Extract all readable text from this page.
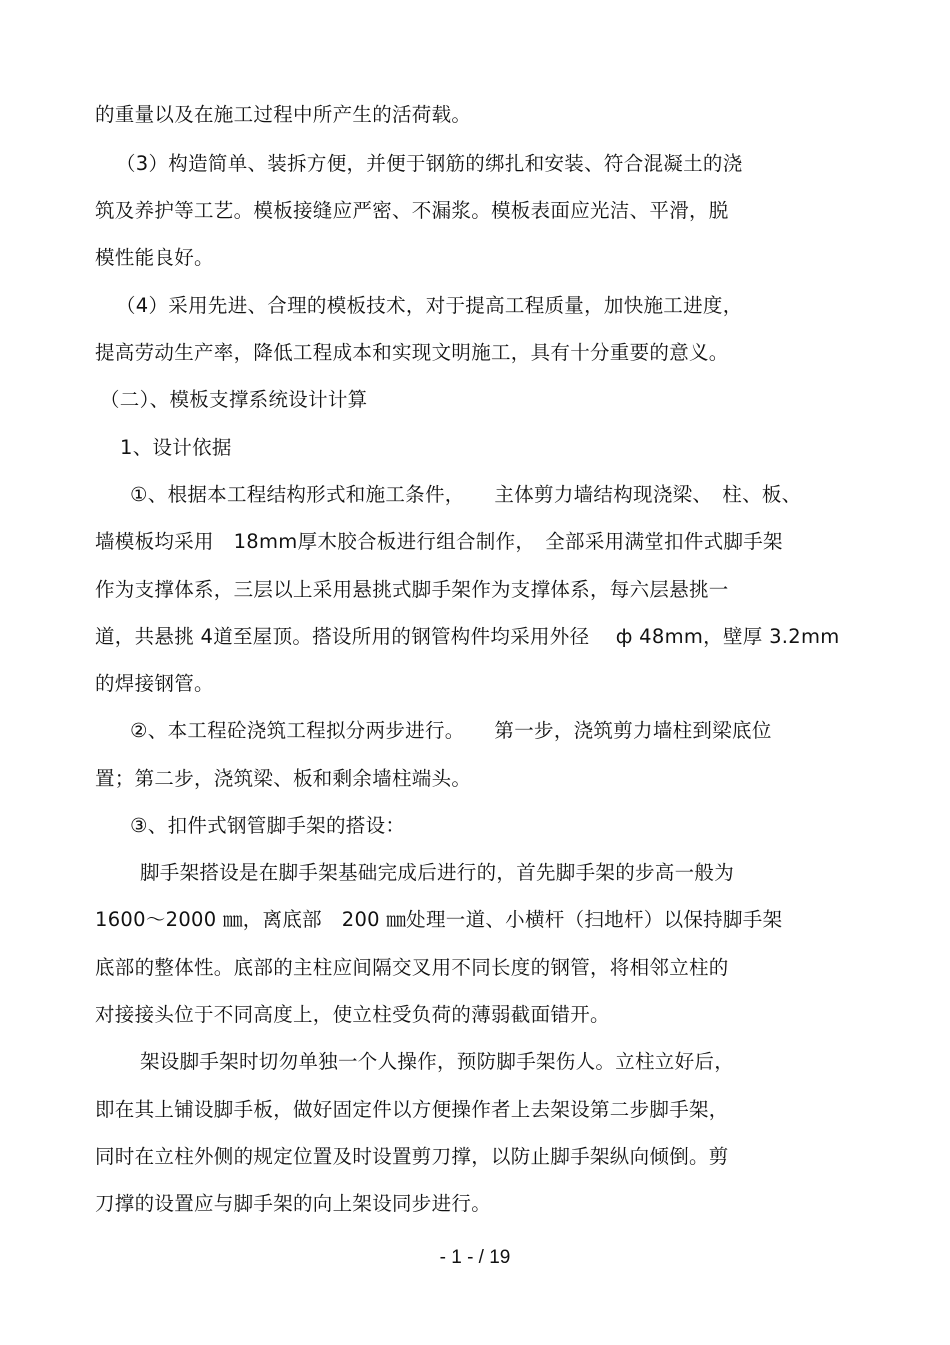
的重量以及在施工过程中所产生的活荷载。
（3）构造简单、装拆方便，并便于钢筋的绑扎和安装、符合混凝土的浇
筑及养护等工艺。模板接缝应严密、不漏浆。模板表面应光洁、平滑，脱
模性能良好。
（4）采用先进、合理的模板技术，对于提高工程质量，加快施工进度，
提高劳动生产率，降低工程成本和实现文明施工，具有十分重要的意义。
（二）、模板支撑系统设计计算
1、设计依据
①、根据本工程结构形式和施工条件，　　主体剪力墙结构现浇梁、　柱、板、
墙模板均采用　18mm厚木胶合板进行组合制作，　全部采用满堂扣件式脚手架
作为支撑体系，三层以上采用悬挑式脚手架作为支撑体系，每六层悬挑一
道，共悬挑 4道至屋顶。搭设所用的钢管构件均采用外径　 ф 48mm，壁厚 3.2mm
的焊接钢管。
②、本工程砼浇筑工程拟分两步进行。　　第一步，浇筑剪力墙柱到梁底位
置；第二步，浇筑梁、板和剩余墙柱端头。
③、扣件式钢管脚手架的搭设：
脚手架搭设是在脚手架基础完成后进行的，首先脚手架的步高一般为
1600～2000 ㎜，离底部　200 ㎜处理一道、小横杆（扫地杆）以保持脚手架
底部的整体性。底部的主柱应间隔交叉用不同长度的钢管，将相邻立柱的
对接接头位于不同高度上，使立柱受负荷的薄弱截面错开。
架设脚手架时切勿单独一个人操作，预防脚手架伤人。立柱立好后，
即在其上铺设脚手板，做好固定件以方便操作者上去架设第二步脚手架，
同时在立柱外侧的规定位置及时设置剪刀撑，以防止脚手架纵向倾倒。剪
刀撑的设置应与脚手架的向上架设同步进行。
- 1 - / 19
